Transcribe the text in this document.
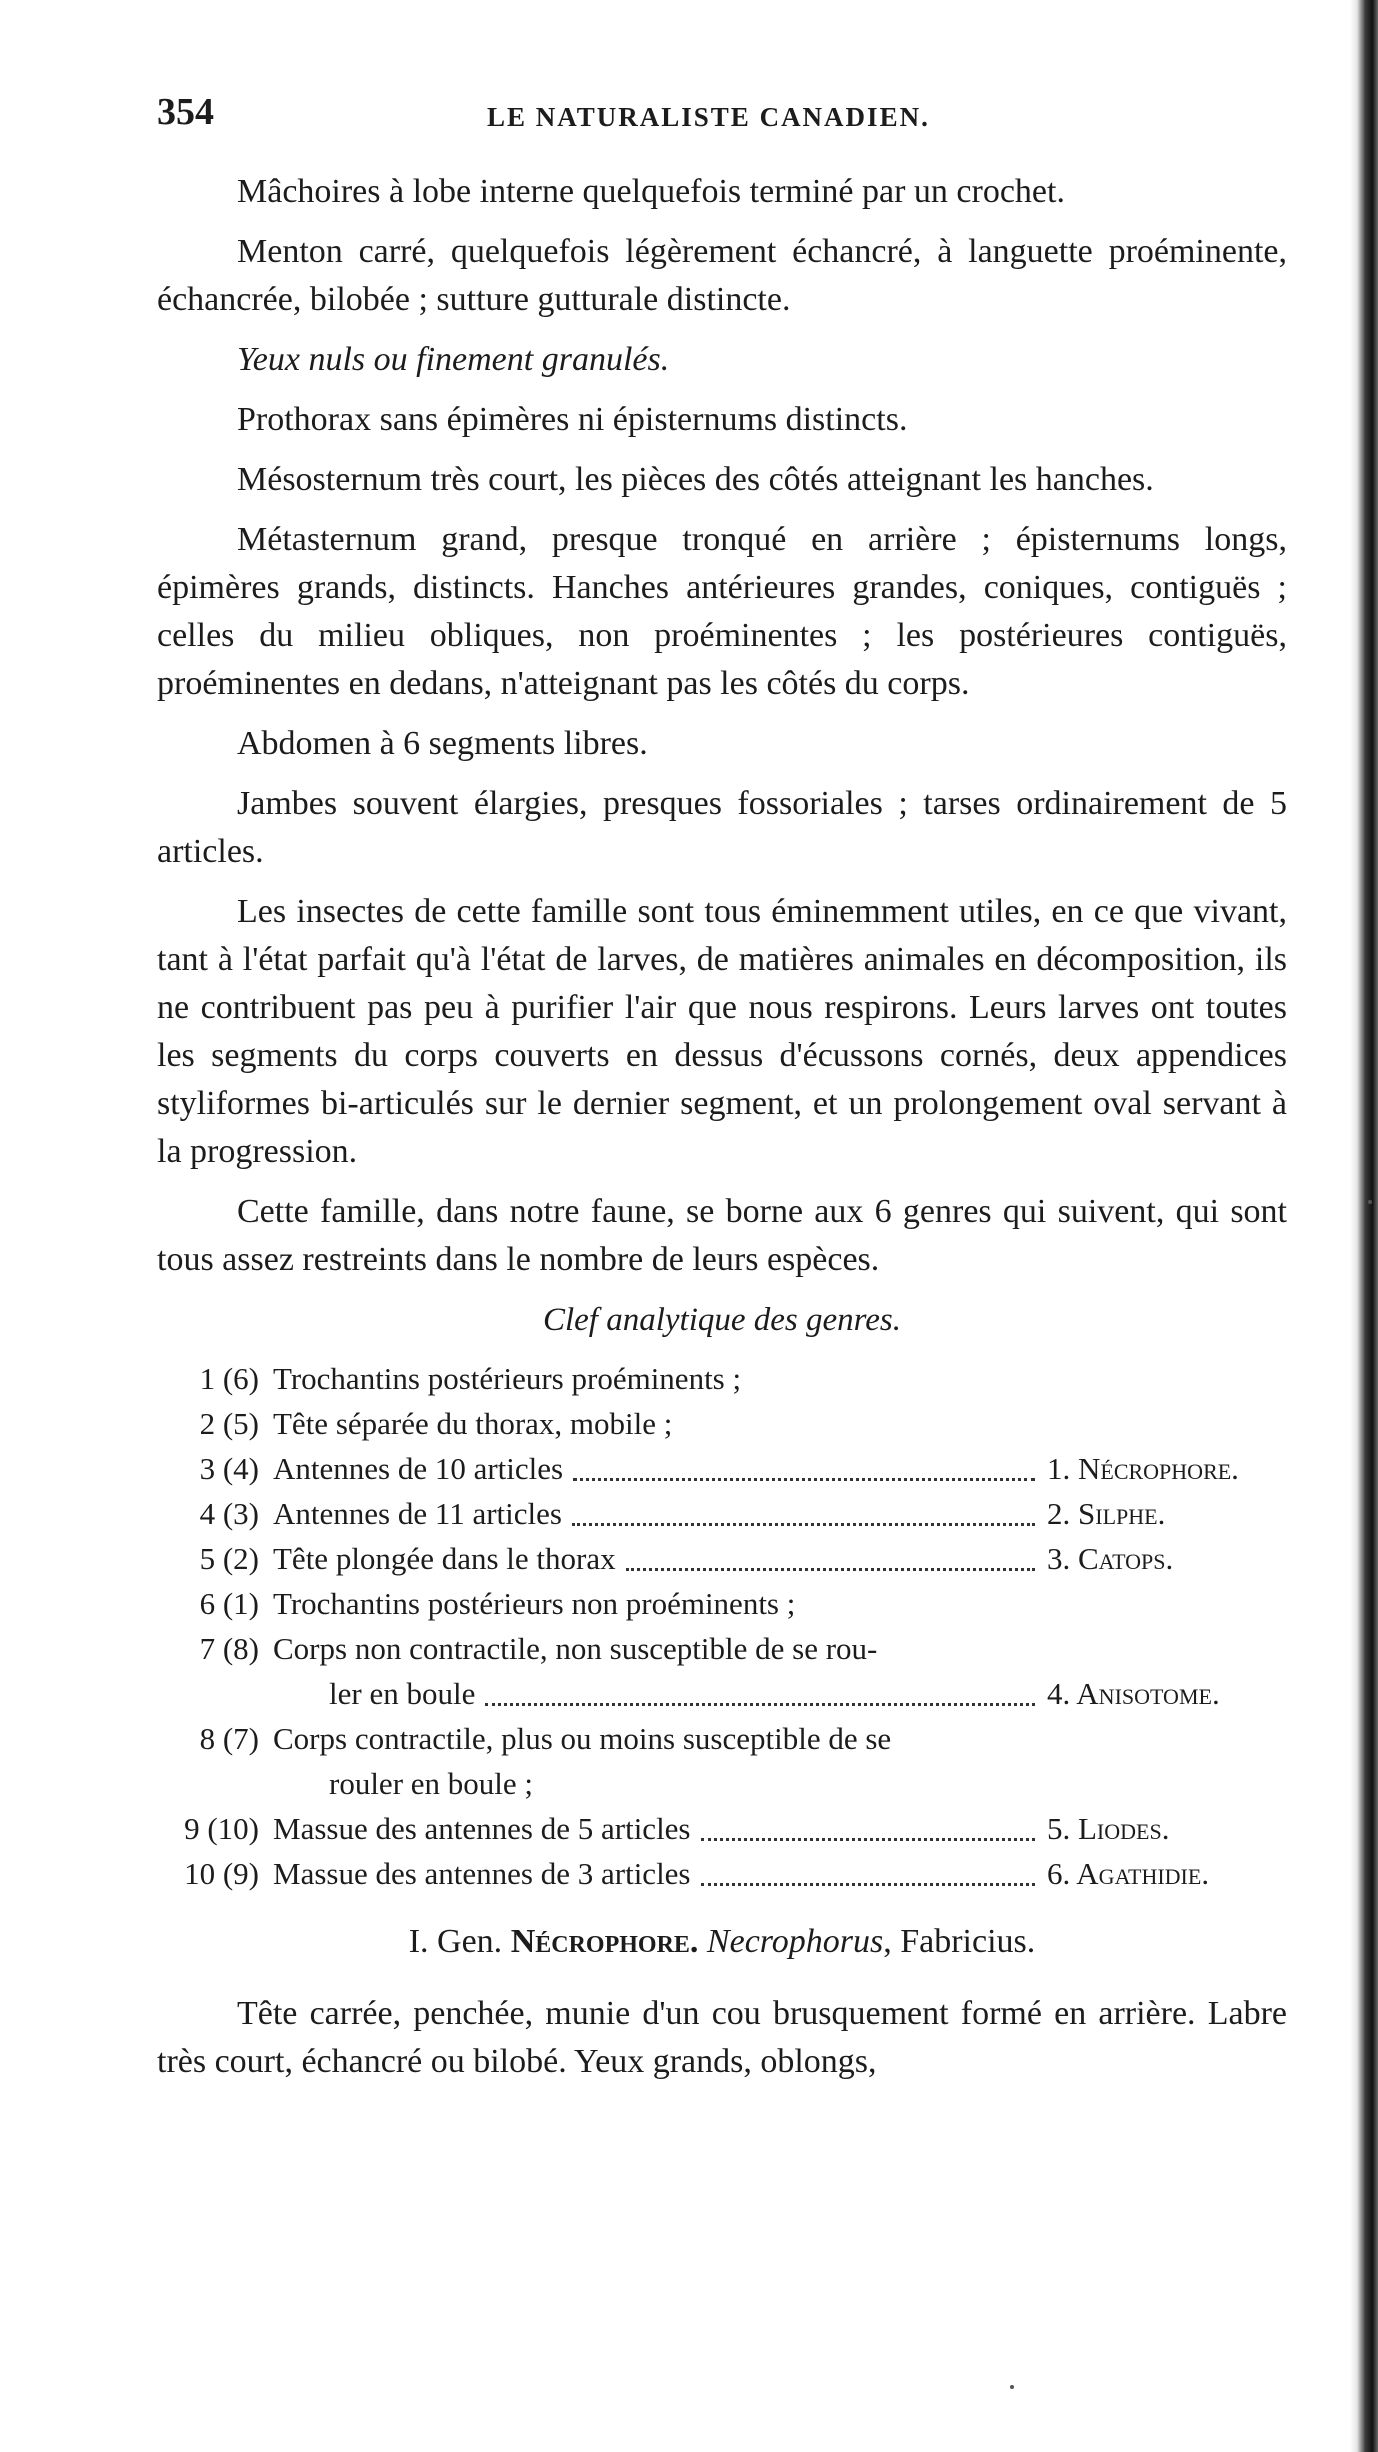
354	LE NATURALISTE CANADIEN.

Mâchoires à lobe interne quelquefois terminé par un crochet.

Menton carré, quelquefois légèrement échancré, à languette proéminente, échancrée, bilobée ; sutture gutturale distincte.

Yeux nuls ou finement granulés.

Prothorax sans épimères ni épisternums distincts.

Mésosternum très court, les pièces des côtés atteignant les hanches.

Métasternum grand, presque tronqué en arrière ; épisternums longs, épimères grands, distincts. Hanches antérieures grandes, coniques, contiguës ; celles du milieu obliques, non proéminentes ; les postérieures contiguës, proéminentes en dedans, n'atteignant pas les côtés du corps.

Abdomen à 6 segments libres.

Jambes souvent élargies, presques fossoriales ; tarses ordinairement de 5 articles.

Les insectes de cette famille sont tous éminemment utiles, en ce que vivant, tant à l'état parfait qu'à l'état de larves, de matières animales en décomposition, ils ne contribuent pas peu à purifier l'air que nous respirons. Leurs larves ont toutes les segments du corps couverts en dessus d'écussons cornés, deux appendices styliformes bi-articulés sur le dernier segment, et un prolongement oval servant à la progression.

Cette famille, dans notre faune, se borne aux 6 genres qui suivent, qui sont tous assez restreints dans le nombre de leurs espèces.

Clef analytique des genres.
1 (6) Trochantins postérieurs proéminents ;
2 (5) Tête séparée du thorax, mobile ;
3 (4) Antennes de 10 articles	1. Nécrophore.
4 (3) Antennes de 11 articles	2. Silphe.
5 (2) Tête plongée dans le thorax	3. Catops.
6 (1) Trochantins postérieurs non proéminents ;
7 (8) Corps non contractile, non susceptible de se rou-
ler en boule	4. Anisotome.
8 (7) Corps contractile, plus ou moins susceptible de se
rouler en boule ;
9 (10) Massue des antennes de 5 articles	5. Liodes.
10 (9) Massue des antennes de 3 articles	6. Agathidie.
I. Gen. Nécrophore. Necrophorus, Fabricius.

Tête carrée, penchée, munie d'un cou brusquement formé en arrière. Labre très court, échancré ou bilobé. Yeux grands, oblongs,
